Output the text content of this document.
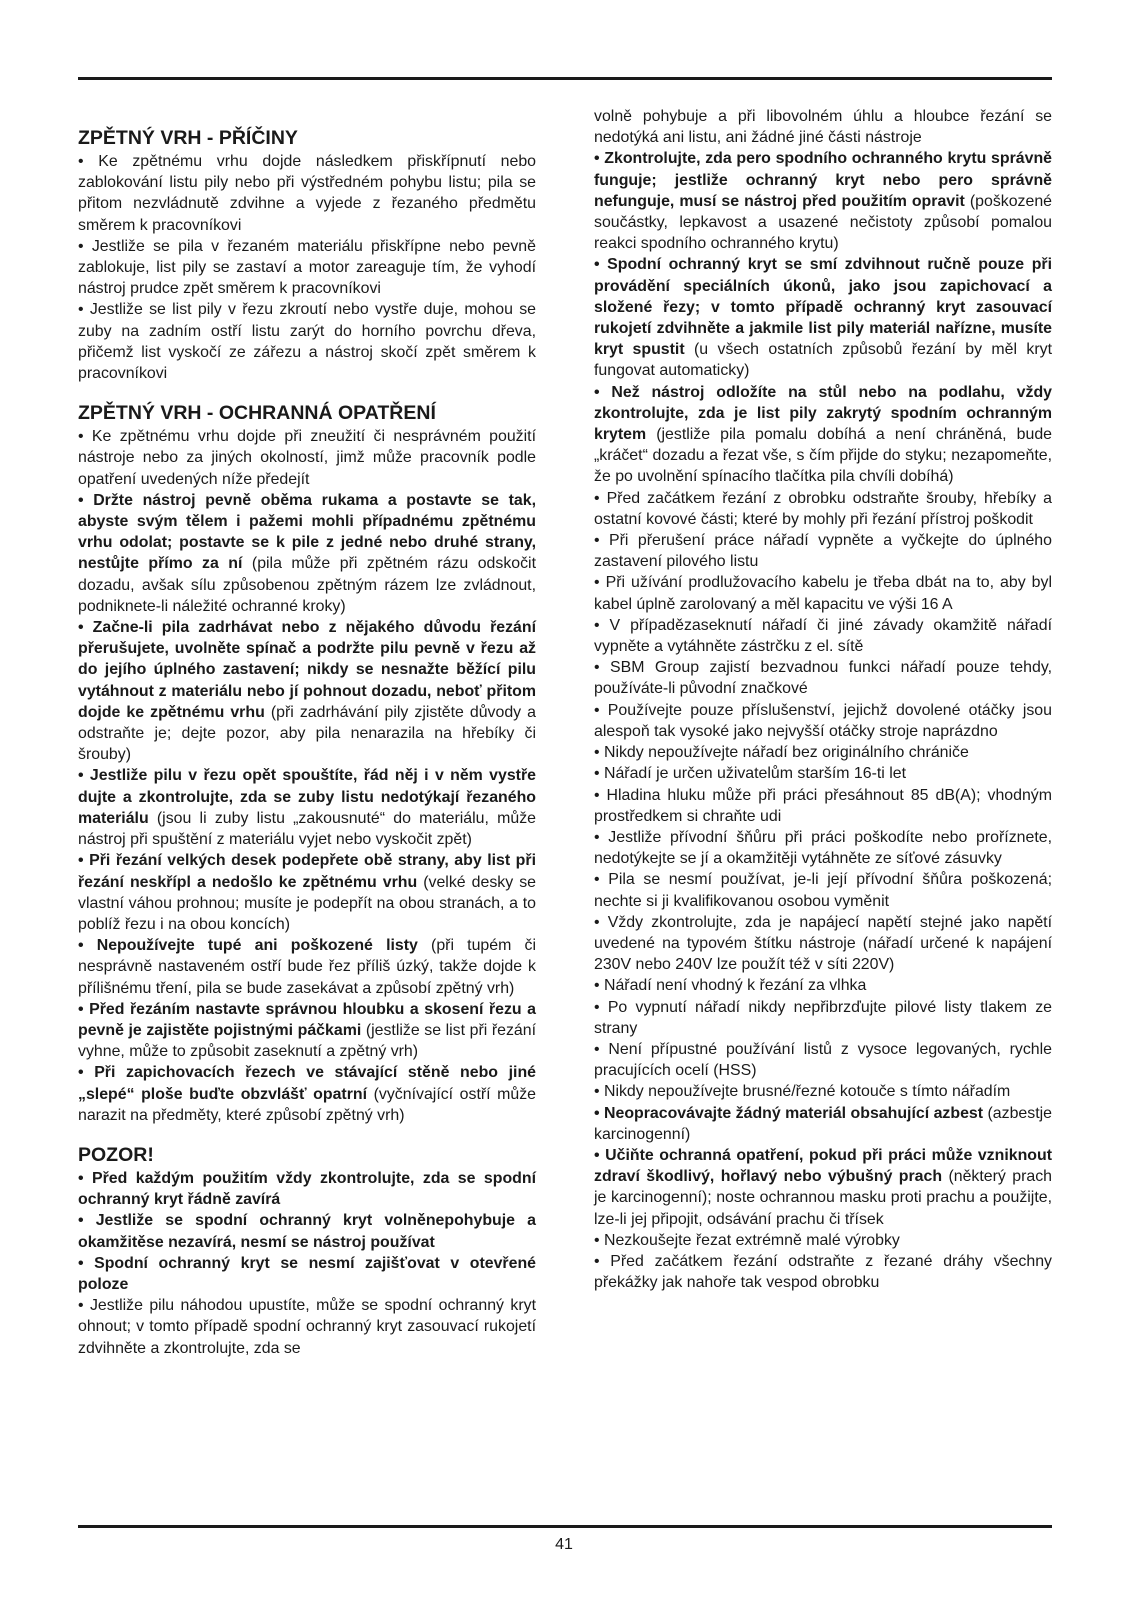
ZPĚTNÝ VRH - PŘÍČINY

• Ke zpětnému vrhu dojde následkem přiskřípnutí nebo zablokování listu pily nebo při výstředném pohybu listu; pila se přitom nezvládnutě zdvihne a vyjede z řezaného předmětu směrem k pracovníkovi

• Jestliže se pila v řezaném materiálu přiskřípne nebo pevně zablokuje, list pily se zastaví a motor zareaguje tím, že vyhodí nástroj prudce zpět směrem k pracovníkovi

• Jestliže se list pily v řezu zkroutí nebo vystře duje, mohou se zuby na zadním ostří listu zarýt do horního povrchu dřeva, přičemž list vyskočí ze zářezu a nástroj skočí zpět směrem k pracovníkovi

ZPĚTNÝ VRH - OCHRANNÁ OPATŘENÍ

• Ke zpětnému vrhu dojde při zneužití či nesprávném použití nástroje nebo za jiných okolností, jimž může pracovník podle opatření uvedených níže předejít

• Držte nástroj pevně oběma rukama a postavte se tak, abyste svým tělem i pažemi mohli případnému zpětnému vrhu odolat; postavte se k pile z jedné nebo druhé strany, nestůjte přímo za ní (pila může při zpětném rázu odskočit dozadu, avšak sílu způsobenou zpětným rázem lze zvládnout, podniknete-li náležité ochranné kroky)

• Začne-li pila zadrhávat nebo z nějakého důvodu řezání přerušujete, uvolněte spínač a podržte pilu pevně v řezu až do jejího úplného zastavení; nikdy se nesnažte běžící pilu vytáhnout z materiálu nebo jí pohnout dozadu, neboť přitom dojde ke zpětnému vrhu (při zadrhávání pily zjistěte důvody a odstraňte je; dejte pozor, aby pila nenarazila na hřebíky či šrouby)

• Jestliže pilu v řezu opět spouštíte, řád něj i v něm vystře dujte a zkontrolujte, zda se zuby listu nedotýkají řezaného materiálu (jsou li zuby listu „zakousnuté“ do materiálu, může nástroj při spuštění z materiálu vyjet nebo vyskočit zpět)

• Při řezání velkých desek podepřete obě strany, aby list při řezání neskřípl a nedošlo ke zpětnému vrhu (velké desky se vlastní váhou prohnou; musíte je podepřít na obou stranách, a to poblíž řezu i na obou koncích)

• Nepoužívejte tupé ani poškozené listy (při tupém či nesprávně nastaveném ostří bude řez příliš úzký, takže dojde k přílišnému tření, pila se bude zasekávat a způsobí zpětný vrh)

• Před řezáním nastavte správnou hloubku a skosení řezu a pevně je zajistěte pojistnými páčkami (jestliže se list při řezání vyhne, může to způsobit zaseknutí a zpětný vrh)

• Při zapichovacích řezech ve stávající stěně nebo jiné „slepé“ ploše buďte obzvlášť opatrní (vyčnívající ostří může narazit na předměty, které způsobí zpětný vrh)

POZOR!

• Před každým použitím vždy zkontrolujte, zda se spodní ochranný kryt řádně zavírá

• Jestliže se spodní ochranný kryt volněnepohybuje a okamžitěse nezavírá, nesmí se nástroj používat

• Spodní ochranný kryt se nesmí zajišťovat v otevřené poloze

• Jestliže pilu náhodou upustíte, může se spodní ochranný kryt ohnout; v tomto případě spodní ochranný kryt zasouvací rukojetí zdvihněte a zkontrolujte, zda se

volně pohybuje a při libovolném úhlu a hloubce řezání se nedotýká ani listu, ani žádné jiné části nástroje

• Zkontrolujte, zda pero spodního ochranného krytu správně funguje; jestliže ochranný kryt nebo pero správně nefunguje, musí se nástroj před použitím opravit (poškozené součástky, lepkavost a usazené nečistoty způsobí pomalou reakci spodního ochranného krytu)

• Spodní ochranný kryt se smí zdvihnout ručně pouze při provádění speciálních úkonů, jako jsou zapichovací a složené řezy; v tomto případě ochranný kryt zasouvací rukojetí zdvihněte a jakmile list pily materiál nařízne, musíte kryt spustit (u všech ostatních způsobů řezání by měl kryt fungovat automaticky)

• Než nástroj odložíte na stůl nebo na podlahu, vždy zkontrolujte, zda je list pily zakrytý spodním ochranným krytem (jestliže pila pomalu dobíhá a není chráněná, bude „kráčet“ dozadu a řezat vše, s čím přijde do styku; nezapomeňte, že po uvolnění spínacího tlačítka pila chvíli dobíhá)

• Před začátkem řezání z obrobku odstraňte šrouby, hřebíky a ostatní kovové části; které by mohly při řezání přístroj poškodit

• Při přerušení práce nářadí vypněte a vyčkejte do úplného zastavení pilového listu

• Při užívání prodlužovacího kabelu je třeba dbát na to, aby byl kabel úplně zarolovaný a měl kapacitu ve výši 16 A

• V případězaseknutí nářadí či jiné závady okamžitě nářadí vypněte a vytáhněte zástrčku z el. sítě

• SBM Group zajistí bezvadnou funkci nářadí pouze tehdy, používáte-li původní značkové

• Používejte pouze příslušenství, jejichž dovolené otáčky jsou alespoň tak vysoké jako nejvyšší otáčky stroje naprázdno

• Nikdy nepoužívejte nářadí bez originálního chrániče

• Nářadí je určen uživatelům starším 16-ti let

• Hladina hluku může při práci přesáhnout 85 dB(A); vhodným prostředkem si chraňte udi

• Jestliže přívodní šňůru při práci poškodíte nebo proříznete, nedotýkejte se jí a okamžitěji vytáhněte ze síťové zásuvky

• Pila se nesmí používat, je-li její přívodní šňůra poškozená; nechte si ji kvalifikovanou osobou vyměnit

• Vždy zkontrolujte, zda je napájecí napětí stejné jako napětí uvedené na typovém štítku nástroje (nářadí určené k napájení 230V nebo 240V lze použít též v síti 220V)

• Nářadí není vhodný k řezání za vlhka

• Po vypnutí nářadí nikdy nepřibrzďujte pilové listy tlakem ze strany

• Není přípustné používání listů z vysoce legovaných, rychle pracujících ocelí (HSS)

• Nikdy nepoužívejte brusné/řezné kotouče s tímto nářadím

• Neopracovávajte žádný materiál obsahující azbest (azbestje karcinogenní)

• Učiňte ochranná opatření, pokud při práci může vzniknout zdraví škodlivý, hořlavý nebo výbušný prach (některý prach je karcinogenní); noste ochrannou masku proti prachu a použijte, lze-li jej připojit, odsávání prachu či třísek

• Nezkoušejte řezat extrémně malé výrobky

• Před začátkem řezání odstraňte z řezané dráhy všechny překážky jak nahoře tak vespod obrobku

41
